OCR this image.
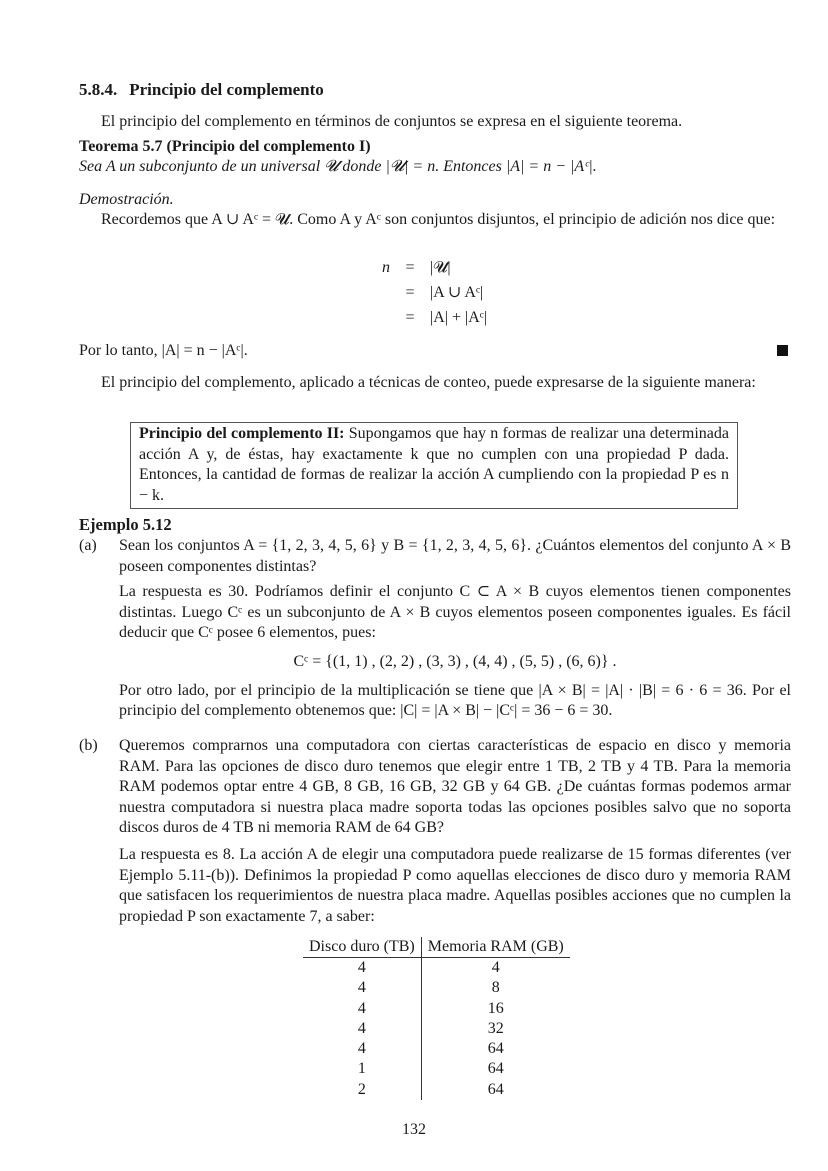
5.8.4. Principio del complemento
El principio del complemento en términos de conjuntos se expresa en el siguiente teorema.
Teorema 5.7 (Principio del complemento I)
Sea A un subconjunto de un universal 𝓤 donde |𝓤| = n. Entonces |A| = n − |Aᶜ|.
Demostración.
Recordemos que A ∪ Aᶜ = 𝓤. Como A y Aᶜ son conjuntos disjuntos, el principio de adición nos dice que:
n = |𝓤|
= |A ∪ Aᶜ|
= |A| + |Aᶜ|
Por lo tanto, |A| = n − |Aᶜ|.
El principio del complemento, aplicado a técnicas de conteo, puede expresarse de la siguiente manera:
Principio del complemento II: Supongamos que hay n formas de realizar una determinada acción A y, de éstas, hay exactamente k que no cumplen con una propiedad P dada. Entonces, la cantidad de formas de realizar la acción A cumpliendo con la propiedad P es n − k.
Ejemplo 5.12
(a) Sean los conjuntos A = {1, 2, 3, 4, 5, 6} y B = {1, 2, 3, 4, 5, 6}. ¿Cuántos elementos del conjunto A × B poseen componentes distintas?
La respuesta es 30. Podríamos definir el conjunto C ⊂ A × B cuyos elementos tienen componentes distintas. Luego Cᶜ es un subconjunto de A × B cuyos elementos poseen componentes iguales. Es fácil deducir que Cᶜ posee 6 elementos, pues:
Cᶜ = {(1, 1) , (2, 2) , (3, 3) , (4, 4) , (5, 5) , (6, 6)} .
Por otro lado, por el principio de la multiplicación se tiene que |A × B| = |A| · |B| = 6 · 6 = 36. Por el principio del complemento obtenemos que: |C| = |A × B| − |Cᶜ| = 36 − 6 = 30.
(b) Queremos comprarnos una computadora con ciertas características de espacio en disco y memoria RAM. Para las opciones de disco duro tenemos que elegir entre 1 TB, 2 TB y 4 TB. Para la memoria RAM podemos optar entre 4 GB, 8 GB, 16 GB, 32 GB y 64 GB. ¿De cuántas formas podemos armar nuestra computadora si nuestra placa madre soporta todas las opciones posibles salvo que no soporta discos duros de 4 TB ni memoria RAM de 64 GB?
La respuesta es 8. La acción A de elegir una computadora puede realizarse de 15 formas diferentes (ver Ejemplo 5.11-(b)). Definimos la propiedad P como aquellas elecciones de disco duro y memoria RAM que satisfacen los requerimientos de nuestra placa madre. Aquellas posibles acciones que no cumplen la propiedad P son exactamente 7, a saber:
Disco duro (TB)	Memoria RAM (GB)
4	4
4	8
4	16
4	32
4	64
1	64
2	64
132
